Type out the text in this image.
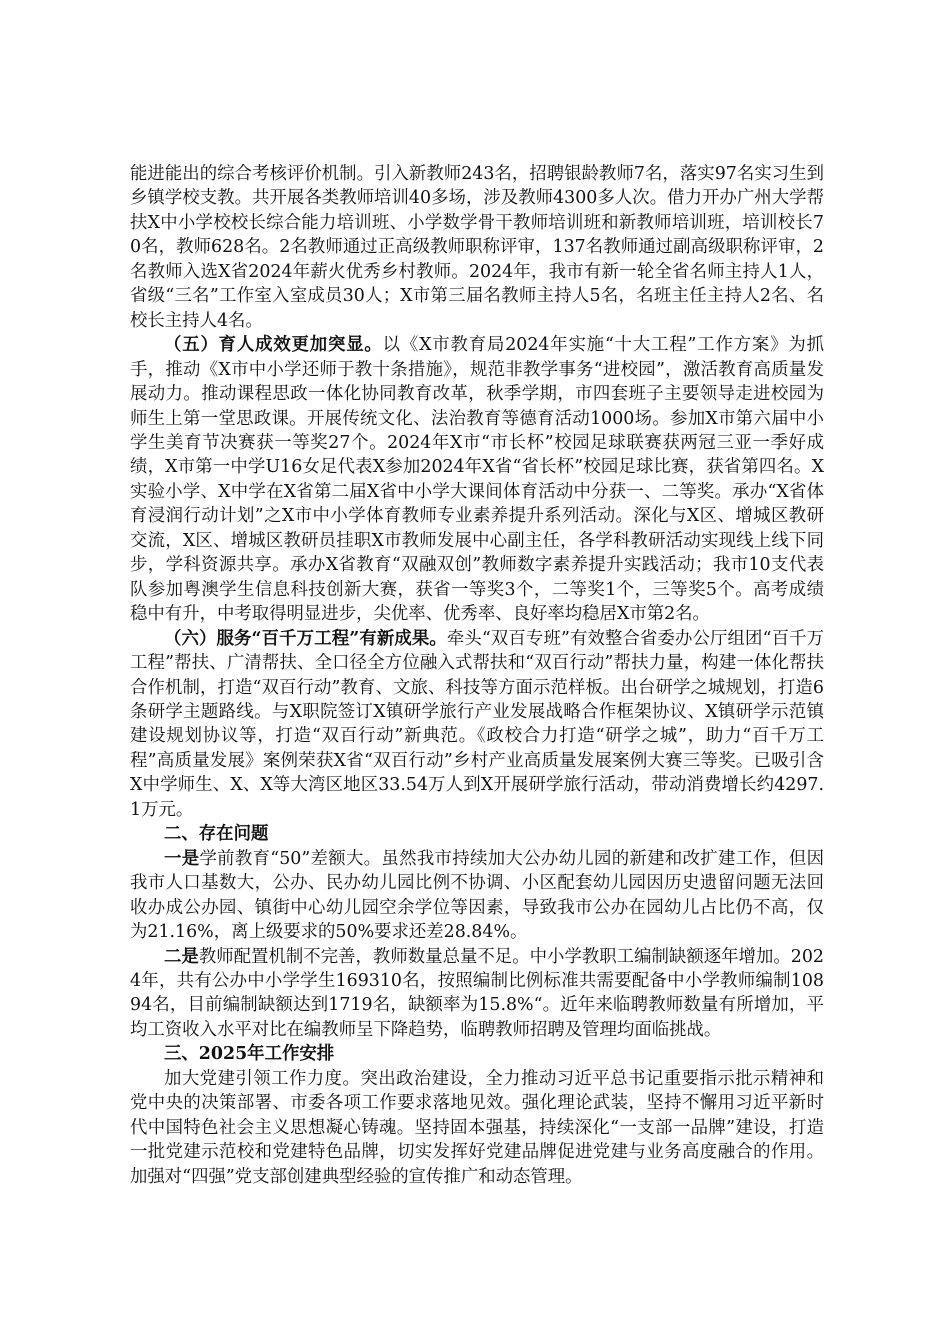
能进能出的综合考核评价机制。引入新教师243名，招聘银龄教师7名，落实97名实习生到乡镇学校支教。共开展各类教师培训40多场，涉及教师4300多人次。借力开办广州大学帮扶X中小学校校长综合能力培训班、小学数学骨干教师培训班和新教师培训班，培训校长70名，教师628名。2名教师通过正高级教师职称评审，137名教师通过副高级职称评审，2名教师入选X省2024年薪火优秀乡村教师。2024年，我市有新一轮全省名师主持人1人，省级“三名”工作室入室成员30人；X市第三届名教师主持人5名，名班主任主持人2名、名校长主持人4名。

（五）育人成效更加突显。以《X市教育局2024年实施“十大工程”工作方案》为抓手，推动《X市中小学还师于教十条措施》，规范非教学事务“进校园”，激活教育高质量发展动力。推动课程思政一体化协同教育改革，秋季学期，市四套班子主要领导走进校园为师生上第一堂思政课。开展传统文化、法治教育等德育活动1000场。参加X市第六届中小学生美育节决赛获一等奖27个。2024年X市“市长杯”校园足球联赛获两冠三亚一季好成绩，X市第一中学U16女足代表X参加2024年X省“省长杯”校园足球比赛，获省第四名。X实验小学、X中学在X省第二届X省中小学大课间体育活动中分获一、二等奖。承办“X省体育浸润行动计划”之X市中小学体育教师专业素养提升系列活动。深化与X区、增城区教研交流，X区、增城区教研员挂职X市教师发展中心副主任，各学科教研活动实现线上线下同步，学科资源共享。承办X省教育“双融双创”教师数字素养提升实践活动；我市10支代表队参加粤澳学生信息科技创新大赛，获省一等奖3个，二等奖1个，三等奖5个。高考成绩稳中有升，中考取得明显进步，尖优率、优秀率、良好率均稳居X市第2名。

（六）服务“百千万工程”有新成果。牵头“双百专班”有效整合省委办公厅组团“百千万工程”帮扶、广清帮扶、全口径全方位融入式帮扶和“双百行动”帮扶力量，构建一体化帮扶合作机制，打造“双百行动”教育、文旅、科技等方面示范样板。出台研学之城规划，打造6条研学主题路线。与X职院签订X镇研学旅行产业发展战略合作框架协议、X镇研学示范镇建设规划协议等，打造“双百行动”新典范。《政校合力打造“研学之城”，助力“百千万工程”高质量发展》案例荣获X省“双百行动”乡村产业高质量发展案例大赛三等奖。已吸引含X中学师生、X、X等大湾区地区33.54万人到X开展研学旅行活动，带动消费增长约4297.1万元。

二、存在问题

一是学前教育“50”差额大。虽然我市持续加大公办幼儿园的新建和改扩建工作，但因我市人口基数大，公办、民办幼儿园比例不协调、小区配套幼儿园因历史遗留问题无法回收办成公办园、镇街中心幼儿园空余学位等因素，导致我市公办在园幼儿占比仍不高，仅为21.16%，离上级要求的50%要求还差28.84%。

二是教师配置机制不完善，教师数量总量不足。中小学教职工编制缺额逐年增加。2024年，共有公办中小学学生169310名，按照编制比例标准共需要配备中小学教师编制10894名，目前编制缺额达到1719名，缺额率为15.8%“。近年来临聘教师数量有所增加，平均工资收入水平对比在编教师呈下降趋势，临聘教师招聘及管理均面临挑战。

三、2025年工作安排

加大党建引领工作力度。突出政治建设，全力推动习近平总书记重要指示批示精神和党中央的决策部署、市委各项工作要求落地见效。强化理论武装，坚持不懈用习近平新时代中国特色社会主义思想凝心铸魂。坚持固本强基，持续深化“一支部一品牌”建设，打造一批党建示范校和党建特色品牌，切实发挥好党建品牌促进党建与业务高度融合的作用。加强对“四强”党支部创建典型经验的宣传推广和动态管理。
